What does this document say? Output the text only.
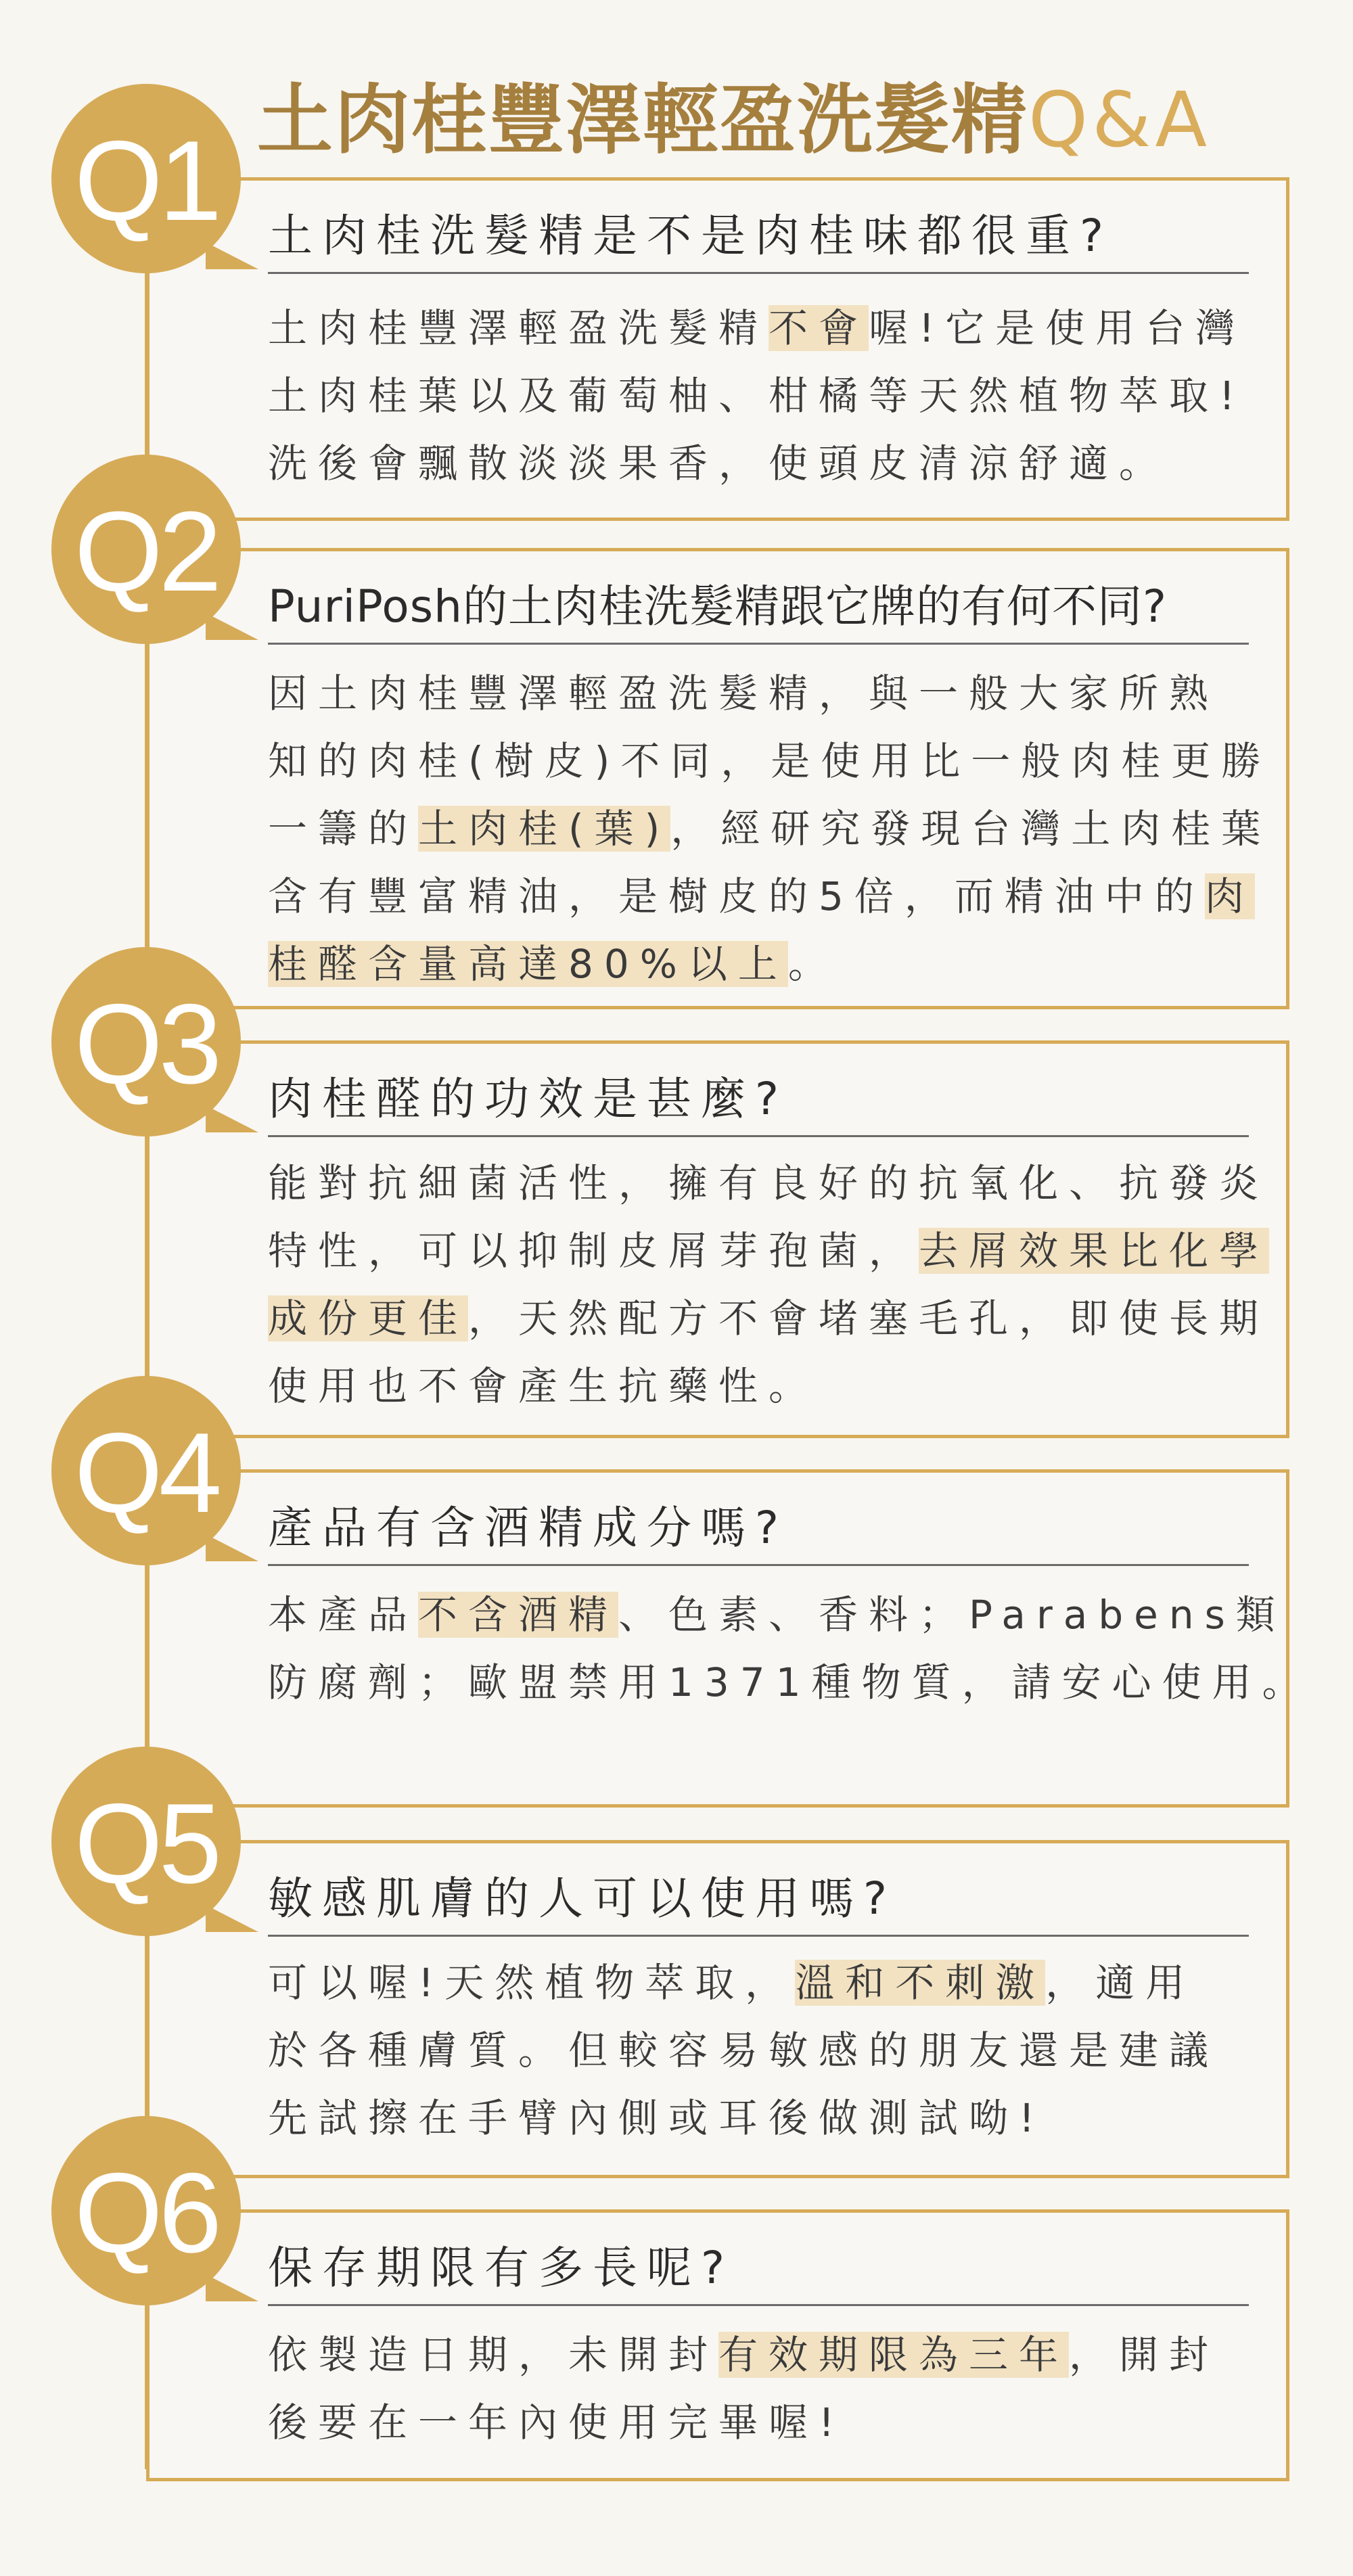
土肉桂豐澤輕盈洗髮精Q&A
Q1	土肉桂洗髮精是不是肉桂味都很重?
土肉桂豐澤輕盈洗髮精不會喔!它是使用台灣
土肉桂葉以及葡萄柚、柑橘等天然植物萃取!
洗後會飄散淡淡果香，使頭皮清涼舒適。
Q2	PuriPosh的土肉桂洗髮精跟它牌的有何不同?
因土肉桂豐澤輕盈洗髮精，與一般大家所熟
知的肉桂(樹皮)不同，是使用比一般肉桂更勝
一籌的土肉桂(葉)，經研究發現台灣土肉桂葉
含有豐富精油，是樹皮的5倍，而精油中的肉
桂醛含量高達80%以上。
Q3	肉桂醛的功效是甚麼?
能對抗細菌活性，擁有良好的抗氧化、抗發炎
特性，可以抑制皮屑芽孢菌，去屑效果比化學
成份更佳，天然配方不會堵塞毛孔，即使長期
使用也不會產生抗藥性。
Q4	產品有含酒精成分嗎?
本產品不含酒精、色素、香料；Parabens類
防腐劑；歐盟禁用1371種物質，請安心使用。
Q5	敏感肌膚的人可以使用嗎?
可以喔!天然植物萃取，溫和不刺激，適用
於各種膚質。但較容易敏感的朋友還是建議
先試擦在手臂內側或耳後做測試呦!
Q6	保存期限有多長呢?
依製造日期，未開封有效期限為三年，開封
後要在一年內使用完畢喔!
